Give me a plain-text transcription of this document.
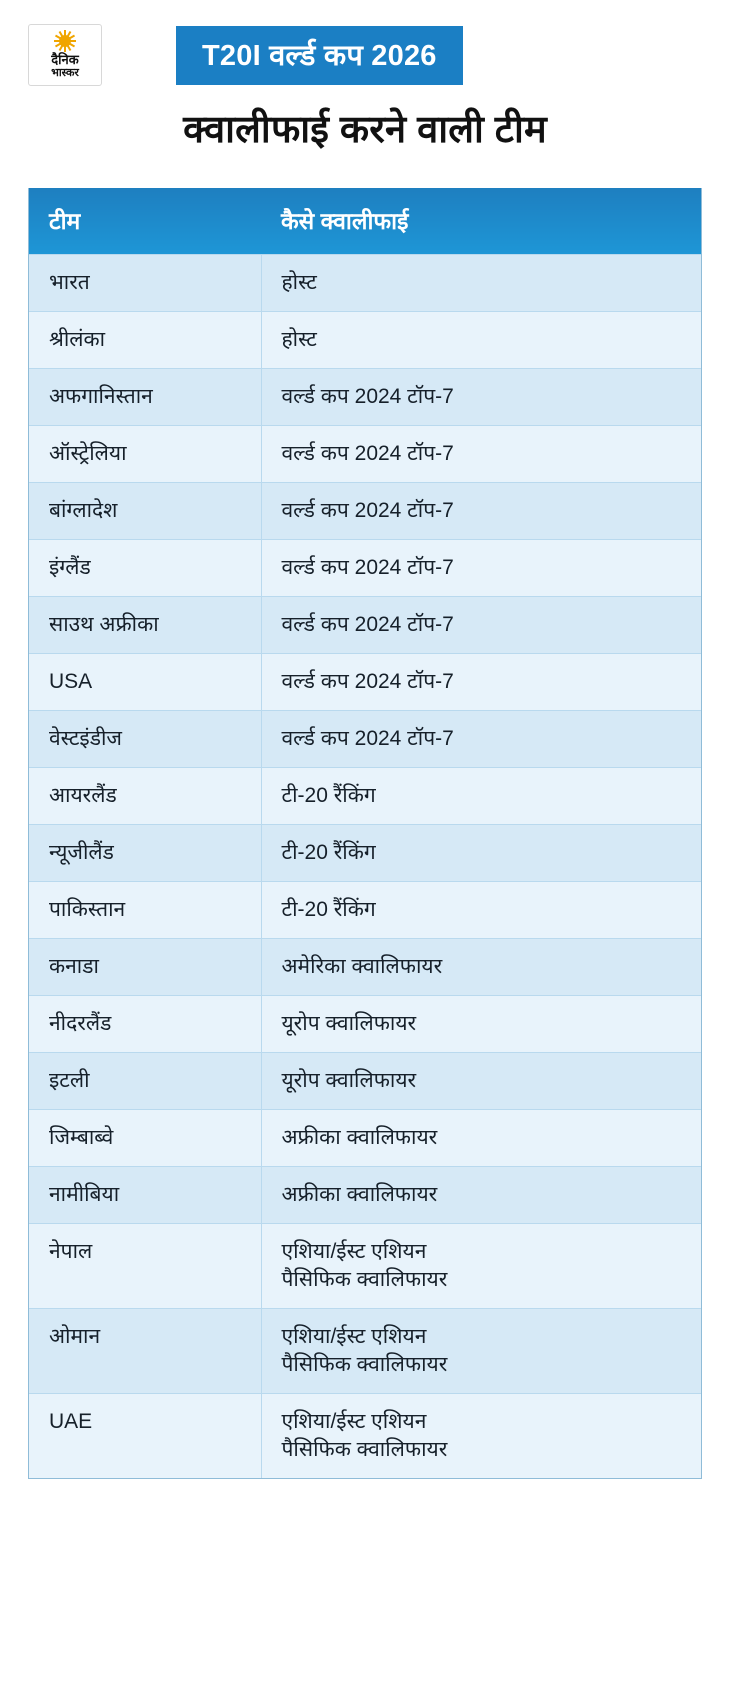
दैनिक
भास्कर
T20I वर्ल्ड कप 2026
क्वालीफाई करने वाली टीम
टीम	कैसे क्वालीफाई
भारत	होस्ट

श्रीलंका	होस्ट

अफगानिस्तान	वर्ल्ड कप 2024 टॉप-7

ऑस्ट्रेलिया	वर्ल्ड कप 2024 टॉप-7

बांग्लादेश	वर्ल्ड कप 2024 टॉप-7

इंग्लैंड	वर्ल्ड कप 2024 टॉप-7

साउथ अफ्रीका	वर्ल्ड कप 2024 टॉप-7

USA	वर्ल्ड कप 2024 टॉप-7

वेस्टइंडीज	वर्ल्ड कप 2024 टॉप-7

आयरलैंड	टी-20 रैंकिंग

न्यूजीलैंड	टी-20 रैंकिंग

पाकिस्तान	टी-20 रैंकिंग

कनाडा	अमेरिका क्वालिफायर

नीदरलैंड	यूरोप क्वालिफायर

इटली	यूरोप क्वालिफायर

जिम्बाब्वे	अफ्रीका क्वालिफायर

नामीबिया	अफ्रीका क्वालिफायर

नेपाल	एशिया/ईस्ट एशियन
पैसिफिक क्वालिफायर

ओमान	एशिया/ईस्ट एशियन
पैसिफिक क्वालिफायर

UAE	एशिया/ईस्ट एशियन
पैसिफिक क्वालिफायर
